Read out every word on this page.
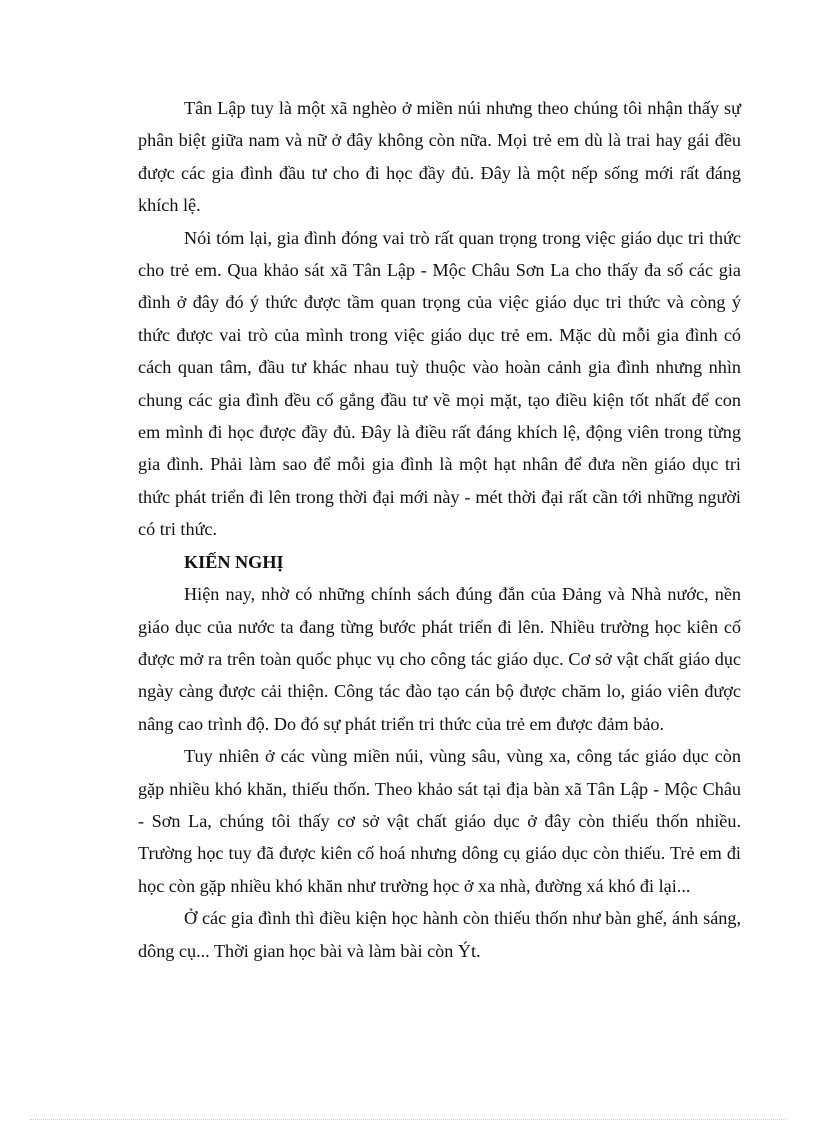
Tân Lập tuy là một xã nghèo ở miền núi nhưng theo chúng tôi nhận thấy sự phân biệt giữa nam và nữ ở đây không còn nữa. Mọi trẻ em dù là trai hay gái đều được các gia đình đầu tư cho đi học đầy đủ. Đây là một nếp sống mới rất đáng khích lệ.

Nói tóm lại, gia đình đóng vai trò rất quan trọng trong việc giáo dục tri thức cho trẻ em. Qua khảo sát xã Tân Lập - Mộc Châu Sơn La cho thấy đa số các gia đình ở đây đó ý thức được tầm quan trọng của việc giáo dục tri thức và còng ý thức được vai trò của mình trong việc giáo dục trẻ em. Mặc dù mỗi gia đình có cách quan tâm, đầu tư khác nhau tuỳ thuộc vào hoàn cảnh gia đình nhưng nhìn chung các gia đình đều cố gắng đầu tư về mọi mặt, tạo điều kiện tốt nhất để con em mình đi học được đầy đủ. Đây là điều rất đáng khích lệ, động viên trong từng gia đình. Phải làm sao để mỗi gia đình là một hạt nhân để đưa nền giáo dục tri thức phát triển đi lên trong thời đại mới này - mét thời đại rất cần tới những người có tri thức.

KIẾN NGHỊ

Hiện nay, nhờ có những chính sách đúng đắn của Đảng và Nhà nước, nền giáo dục của nước ta đang từng bước phát triển đi lên. Nhiều trường học kiên cố được mở ra trên toàn quốc phục vụ cho công tác giáo dục. Cơ sở vật chất giáo dục ngày càng được cải thiện. Công tác đào tạo cán bộ được chăm lo, giáo viên được nâng cao trình độ. Do đó sự phát triển tri thức của trẻ em được đảm bảo.

Tuy nhiên ở các vùng miền núi, vùng sâu, vùng xa, công tác giáo dục còn gặp nhiều khó khăn, thiếu thốn. Theo khảo sát tại địa bàn xã Tân Lập - Mộc Châu - Sơn La, chúng tôi thấy cơ sở vật chất giáo dục ở đây còn thiếu thốn nhiều. Trường học tuy đã được kiên cố hoá nhưng dông cụ giáo dục còn thiếu. Trẻ em đi học còn gặp nhiều khó khăn như trường học ở xa nhà, đường xá khó đi lại...

Ở các gia đình thì điều kiện học hành còn thiếu thốn như bàn ghế, ánh sáng, dông cụ... Thời gian học bài và làm bài còn Ýt.
